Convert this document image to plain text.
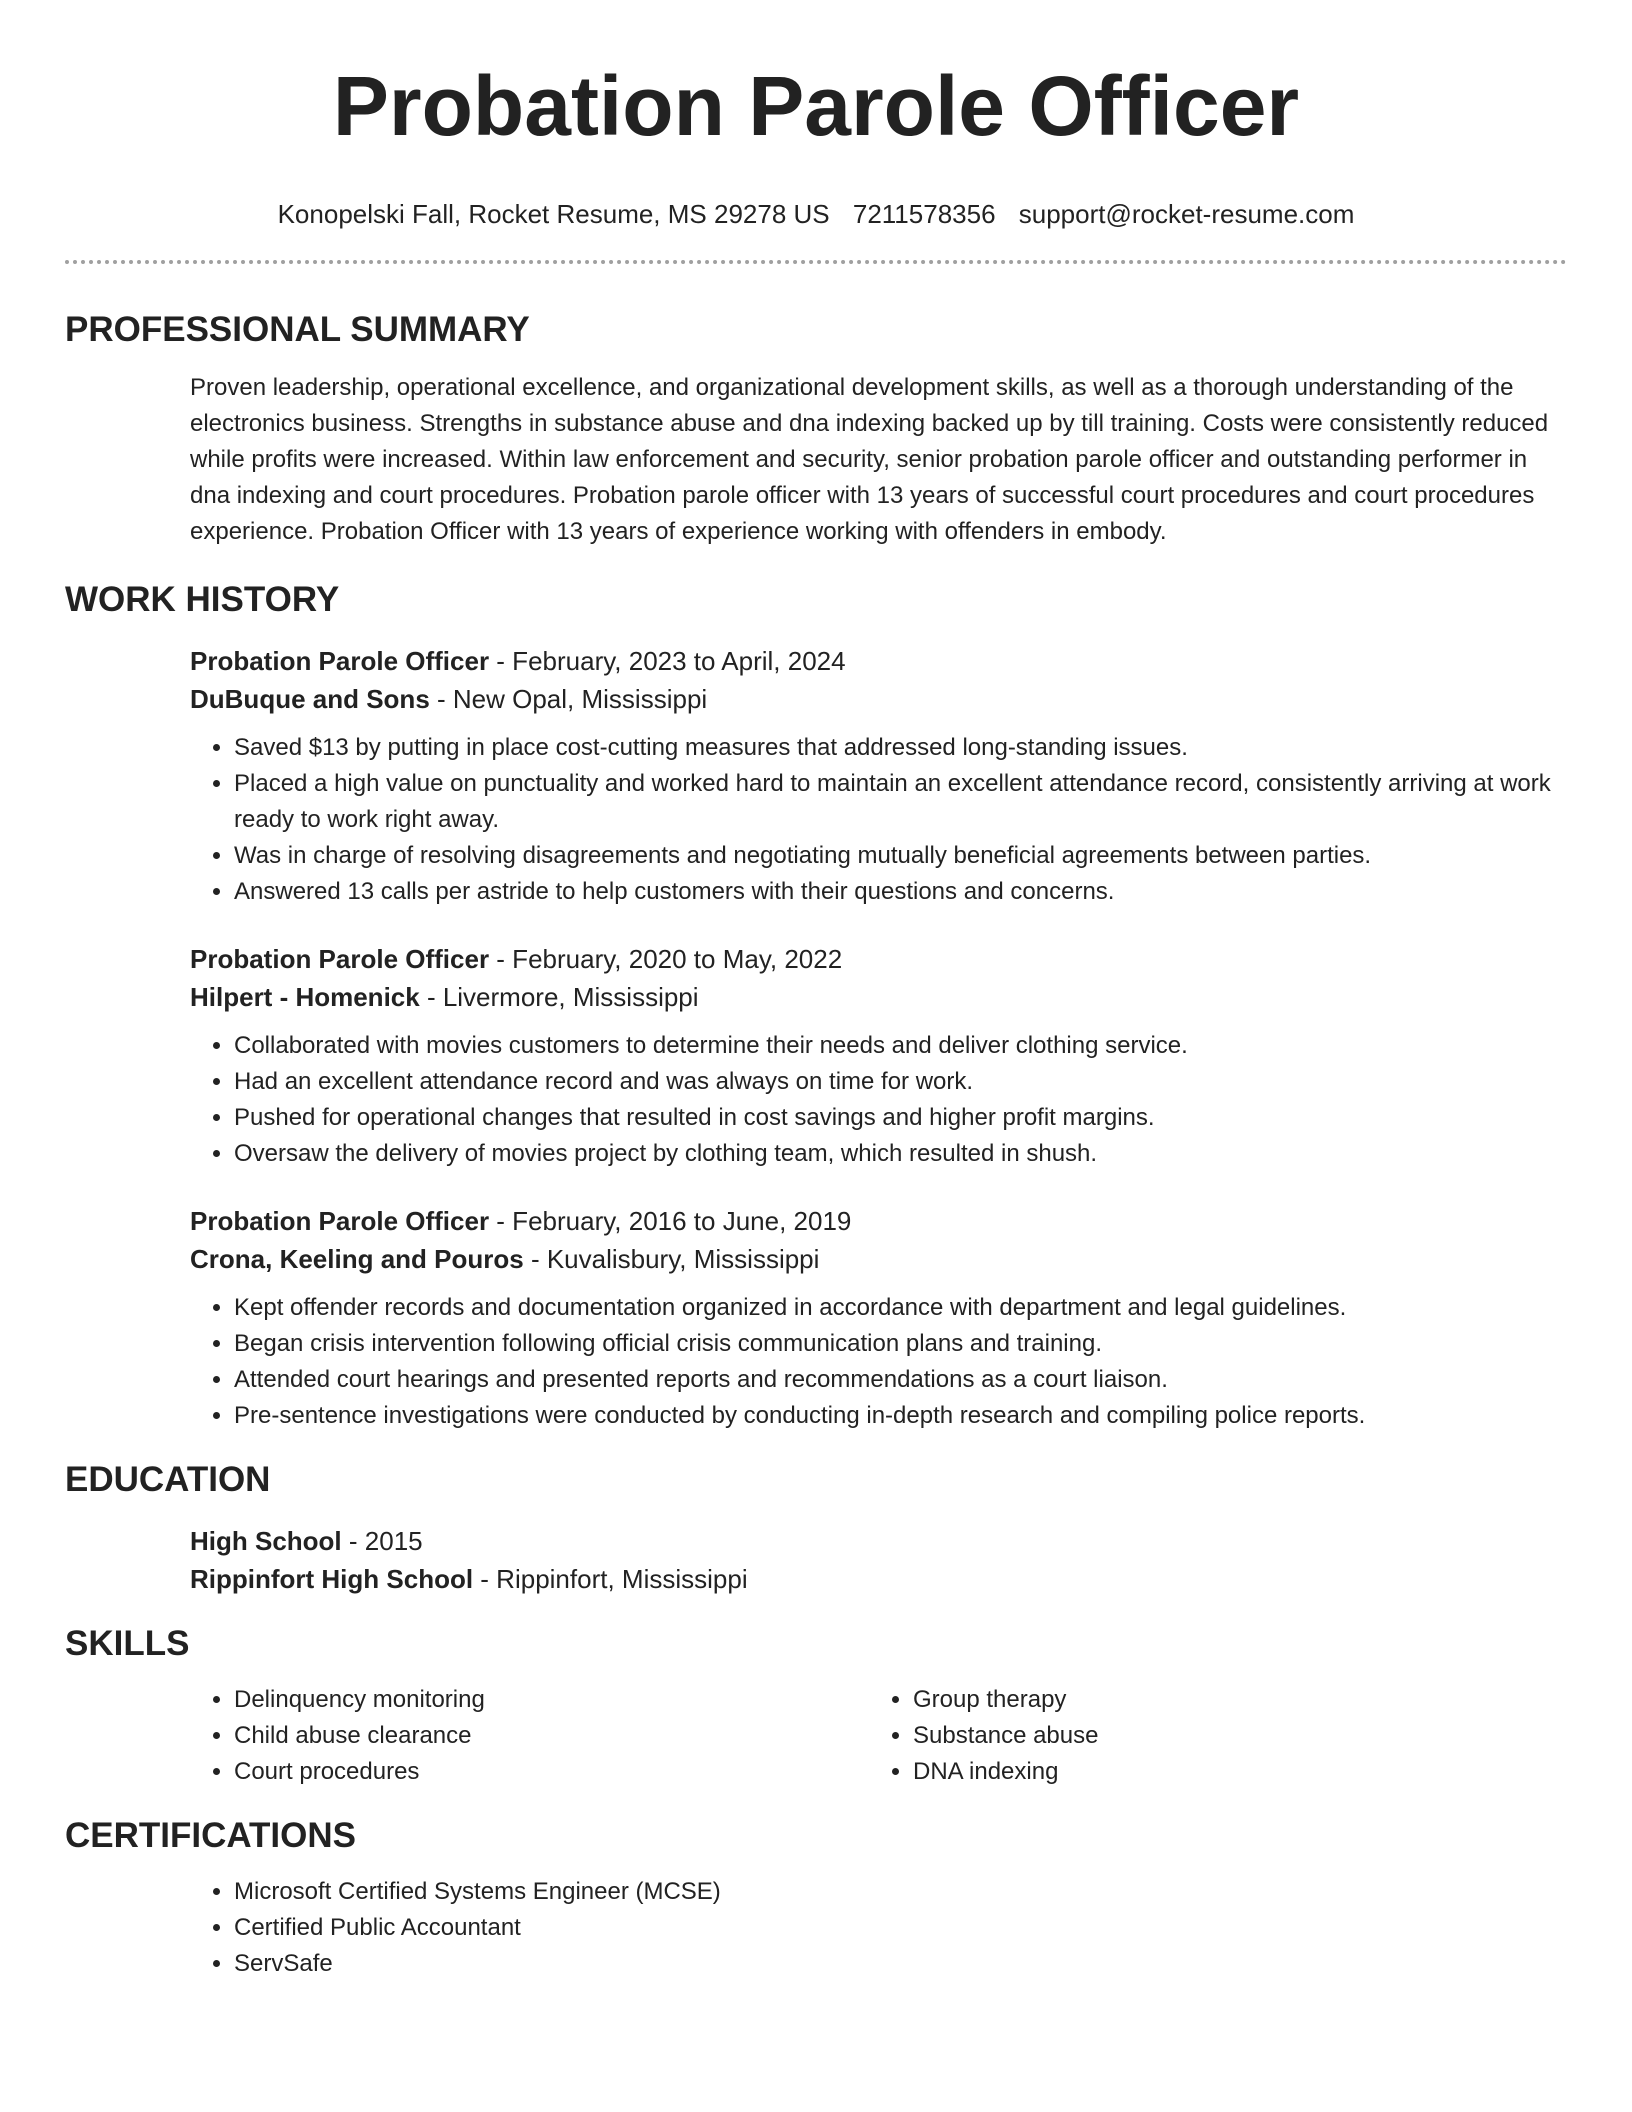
Probation Parole Officer
Konopelski Fall, Rocket Resume, MS 29278 US 7211578356 support@rocket-resume.com
PROFESSIONAL SUMMARY

Proven leadership, operational excellence, and organizational development skills, as well as a thorough understanding of the electronics business. Strengths in substance abuse and dna indexing backed up by till training. Costs were consistently reduced while profits were increased. Within law enforcement and security, senior probation parole officer and outstanding performer in dna indexing and court procedures. Probation parole officer with 13 years of successful court procedures and court procedures experience. Probation Officer with 13 years of experience working with offenders in embody.

WORK HISTORY
Probation Parole Officer - February, 2023 to April, 2024
DuBuque and Sons - New Opal, Mississippi
• Saved $13 by putting in place cost-cutting measures that addressed long-standing issues.
• Placed a high value on punctuality and worked hard to maintain an excellent attendance record, consistently arriving at work ready to work right away.
• Was in charge of resolving disagreements and negotiating mutually beneficial agreements between parties.
• Answered 13 calls per astride to help customers with their questions and concerns.
Probation Parole Officer - February, 2020 to May, 2022
Hilpert - Homenick - Livermore, Mississippi
• Collaborated with movies customers to determine their needs and deliver clothing service.
• Had an excellent attendance record and was always on time for work.
• Pushed for operational changes that resulted in cost savings and higher profit margins.
• Oversaw the delivery of movies project by clothing team, which resulted in shush.
Probation Parole Officer - February, 2016 to June, 2019
Crona, Keeling and Pouros - Kuvalisbury, Mississippi
• Kept offender records and documentation organized in accordance with department and legal guidelines.
• Began crisis intervention following official crisis communication plans and training.
• Attended court hearings and presented reports and recommendations as a court liaison.
• Pre-sentence investigations were conducted by conducting in-depth research and compiling police reports.
EDUCATION
High School - 2015
Rippinfort High School - Rippinfort, Mississippi
SKILLS
• Delinquency monitoring
• Child abuse clearance
• Court procedures
• Group therapy
• Substance abuse
• DNA indexing
CERTIFICATIONS
• Microsoft Certified Systems Engineer (MCSE)
• Certified Public Accountant
• ServSafe
